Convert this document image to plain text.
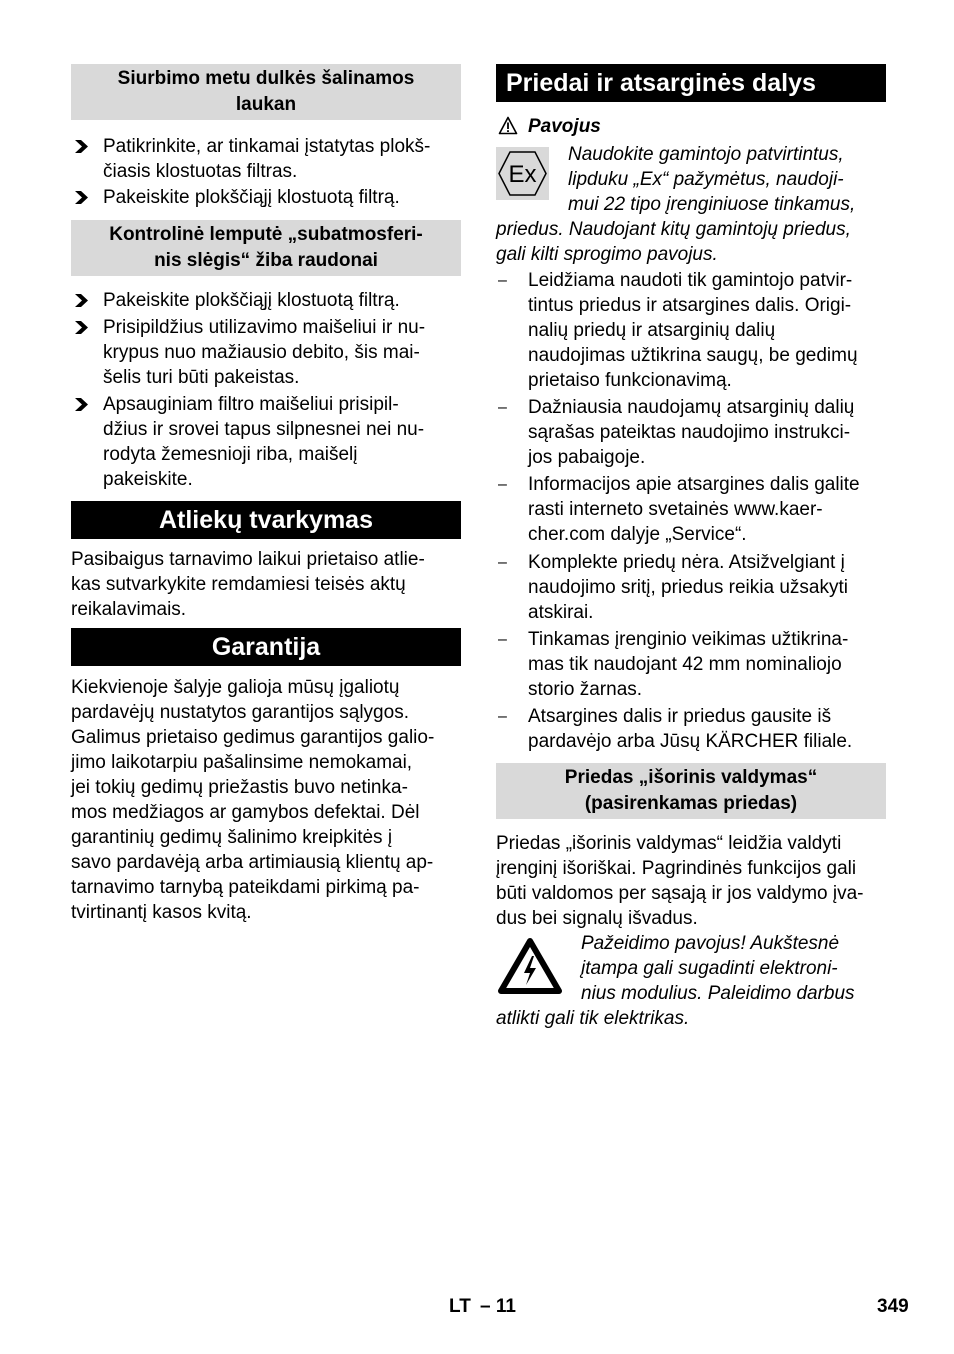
Siurbimo metu dulkės šalinamos
laukan
Patikrinkite, ar tinkamai įstatytas plokš-
čiasis klostuotas filtras.
Pakeiskite plokščiąjį klostuotą filtrą.
Kontrolinė lemputė „subatmosferi-
nis slėgis“ žiba raudonai
Pakeiskite plokščiąjį klostuotą filtrą.
Prisipildžius utilizavimo maišeliui ir nu-
krypus nuo mažiausio debito, šis mai-
šelis turi būti pakeistas.
Apsauginiam filtro maišeliui prisipil-
džius ir srovei tapus silpnesnei nei nu-
rodyta žemesnioji riba, maišelį
pakeiskite.
Atliekų tvarkymas

Pasibaigus tarnavimo laikui prietaiso atlie-
kas sutvarkykite remdamiesi teisės aktų
reikalavimais.

Garantija

Kiekvienoje šalyje galioja mūsų įgaliotų
pardavėjų nustatytos garantijos sąlygos.
Galimus prietaiso gedimus garantijos galio-
jimo laikotarpiu pašalinsime nemokamai,
jei tokių gedimų priežastis buvo netinka-
mos medžiagos ar gamybos defektai. Dėl
garantinių gedimų šalinimo kreipkitės į
savo pardavėją arba artimiausią klientų ap-
tarnavimo tarnybą pateikdami pirkimą pa-
tvirtinantį kasos kvitą.

Priedai ir atsarginės dalys
Pavojus
Ex

Naudokite gamintojo patvirtintus,
lipduku „Ex“ pažymėtus, naudoji-
mui 22 tipo įrenginiuose tinkamus,

priedus. Naudojant kitų gamintojų priedus,
gali kilti sprogimo pavojus.

– Leidžiama naudoti tik gamintojo patvir-
tintus priedus ir atsargines dalis. Origi-
nalių priedų ir atsarginių dalių
naudojimas užtikrina saugų, be gedimų
prietaiso funkcionavimą.
– Dažniausia naudojamų atsarginių dalių
sąrašas pateiktas naudojimo instrukci-
jos pabaigoje.
– Informacijos apie atsargines dalis galite
rasti interneto svetainės www.kaer-
cher.com dalyje „Service“.
– Komplekte priedų nėra. Atsižvelgiant į
naudojimo sritį, priedus reikia užsakyti
atskirai.
– Tinkamas įrenginio veikimas užtikrina-
mas tik naudojant 42 mm nominaliojo
storio žarnas.
– Atsargines dalis ir priedus gausite iš
pardavėjo arba Jūsų KÄRCHER filiale.
Priedas „išorinis valdymas“
(pasirenkamas priedas)

Priedas „išorinis valdymas“ leidžia valdyti
įrenginį išoriškai. Pagrindinės funkcijos gali
būti valdomos per sąsają ir jos valdymo įva-
dus bei signalų išvadus.

Pažeidimo pavojus! Aukštesnė
įtampa gali sugadinti elektroni-
nius modulius. Paleidimo darbus

atlikti gali tik elektrikas.

LT – 11	349
